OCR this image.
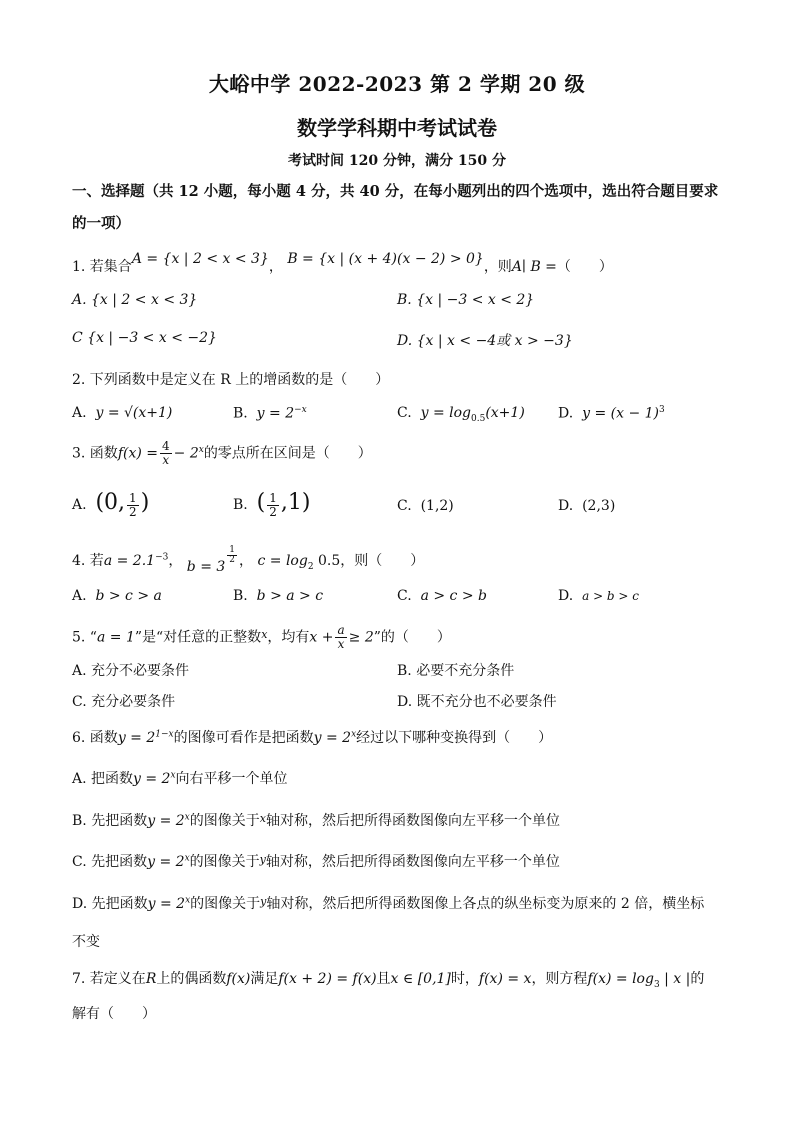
大峪中学 2022-2023 第 2 学期 20 级
数学学科期中考试试卷
考试时间 120 分钟，满分 150 分
一、选择题（共 12 小题，每小题 4 分，共 40 分，在每小题列出的四个选项中，选出符合题目要求的一项）
1. 若集合A = {x | 2 < x < 3}， B = {x | (x + 4)(x − 2) > 0}，则A∣ B =（　　）
A. {x | 2 < x < 3}	B. {x | −3 < x < 2}
C {x | −3 < x < −2}	D. {x | x < −4或 x > −3}
2. 下列函数中是定义在 R 上的增函数的是（　　）
A. y = √(x+1)	B. $y = 2^{-x}$	C. $y = \log_{0.5}(x+1)$ D. $y = (x - 1)^3$
3. 函数$f(x) = \frac{4}{x} - 2^x$的零点所在区间是（　　）
A. (0, $\frac{1}{2}$ )	B. ( $\frac{1}{2} ,1$)	C. (1,2)	D. (2,3)
4. 若$a = 2.1^{-3}$， b = 3
$\frac{1}{2}$ ， $c = \log_2 0.5$，则（　　）
A. b > c > a	B. b > a > c	C. a > c > b	D. a > b > c
5. “a = 1”是“对任意的正整数$^x$，均有$x + \frac{a}{x} \ge 2$”的（　　）
A. 充分不必要条件	B. 必要不充分条件
C. 充分必要条件	D. 既不充分也不必要条件
6. 函数$y = 2^{1-x}$的图像可看作是把函数$y = 2^x$经过以下哪种变换得到（　　）
A. 把函数$y = 2^x$向右平移一个单位
B. 先把函数$y = 2^x$的图像关于$^x$轴对称，然后把所得函数图像向左平移一个单位
C. 先把函数$y = 2^x$的图像关于$^y$轴对称，然后把所得函数图像向左平移一个单位
D. 先把函数$y = 2^x$的图像关于$^y$轴对称，然后把所得函数图像上各点的纵坐标变为原来的 2 倍，横坐标
不变
7. 若定义在R上的偶函数f(x)满足f(x + 2) = f(x)且x ∈ [0,1]时，f(x) = x，则方程$f(x) = \log_3$ | x |的
解有（　　）
